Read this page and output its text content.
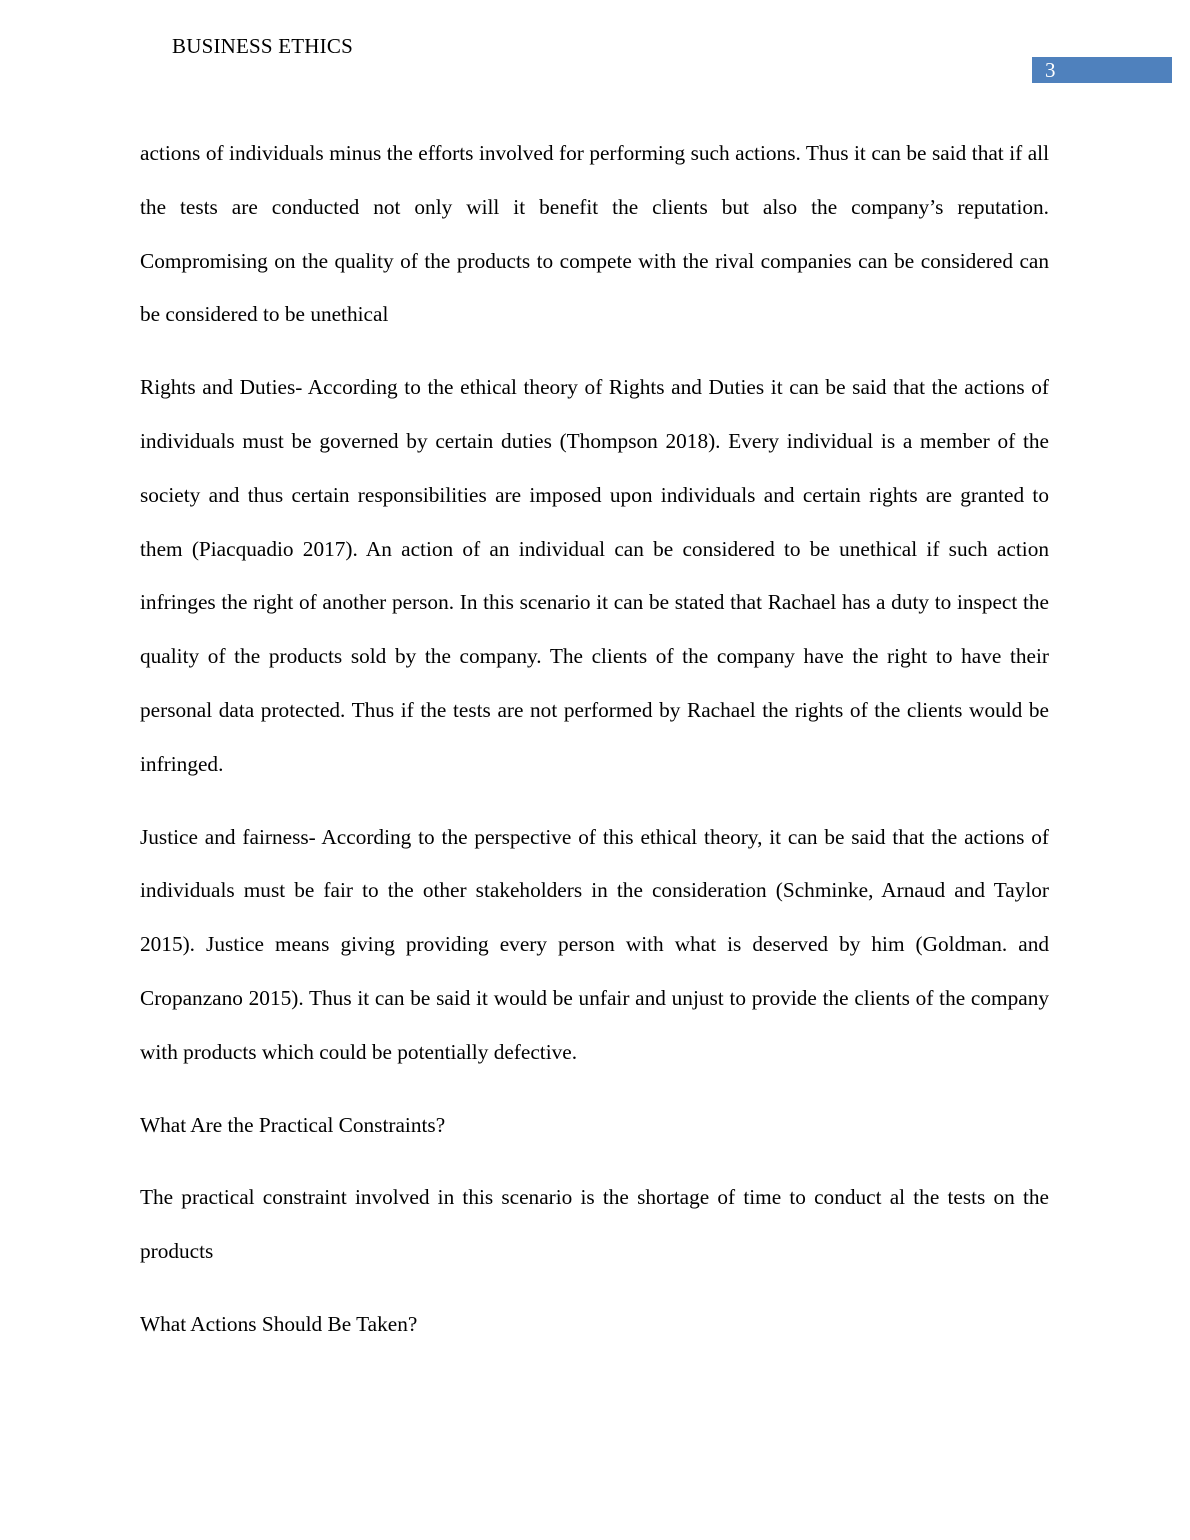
BUSINESS ETHICS
3

actions of individuals minus the efforts involved for performing such actions. Thus it can be said that if all the tests are conducted not only will it benefit the clients but also the company’s reputation. Compromising on the quality of the products to compete with the rival companies can be considered can be considered to be unethical

Rights and Duties- According to the ethical theory of Rights and Duties it can be said that the actions of individuals must be governed by certain duties (Thompson 2018). Every individual is a member of the society and thus certain responsibilities are imposed upon individuals and certain rights are granted to them (Piacquadio 2017). An action of an individual can be considered to be unethical if such action infringes the right of another person. In this scenario it can be stated that Rachael has a duty to inspect the quality of the products sold by the company. The clients of the company have the right to have their personal data protected. Thus if the tests are not performed by Rachael the rights of the clients would be infringed.

Justice and fairness- According to the perspective of this ethical theory, it can be said that the actions of individuals must be fair to the other stakeholders in the consideration (Schminke, Arnaud and Taylor 2015). Justice means giving providing every person with what is deserved by him (Goldman. and Cropanzano 2015). Thus it can be said it would be unfair and unjust to provide the clients of the company with products which could be potentially defective.

What Are the Practical Constraints?

The practical constraint involved in this scenario is the shortage of time to conduct al the tests on the products

What Actions Should Be Taken?
